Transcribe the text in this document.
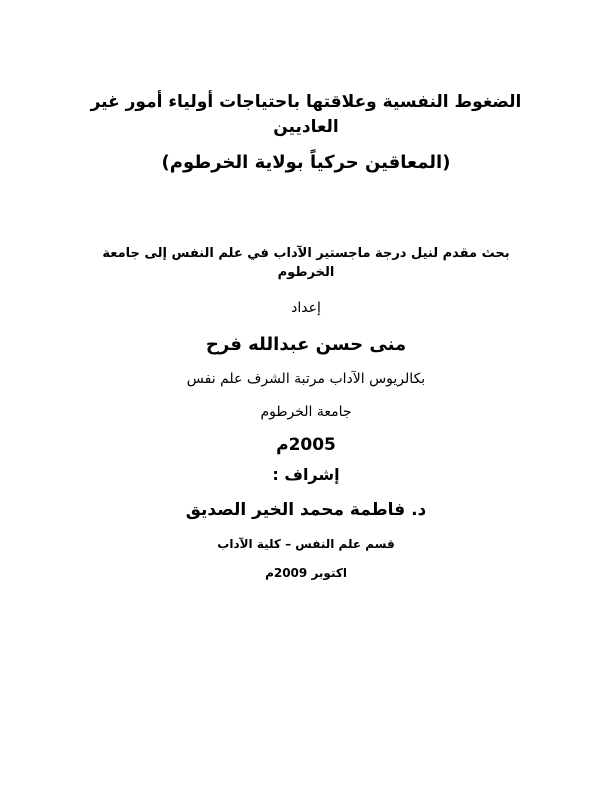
الضغوط النفسية وعلاقتها باحتياجات أولياء أمور غير

العاديين

(المعاقين حركياً بولاية الخرطوم)

بحث مقدم لنيل درجة ماجستير الآداب في علم النفس إلى جامعة

الخرطوم

إعداد

منى حسن عبدالله فرح

بكالريوس الآداب مرتبة الشرف علم نفس

جامعة الخرطوم

2005م

إشراف :

د. فاطمة محمد الخير الصديق

قسم علم النفس – كلية الآداب

اكتوبر 2009م
